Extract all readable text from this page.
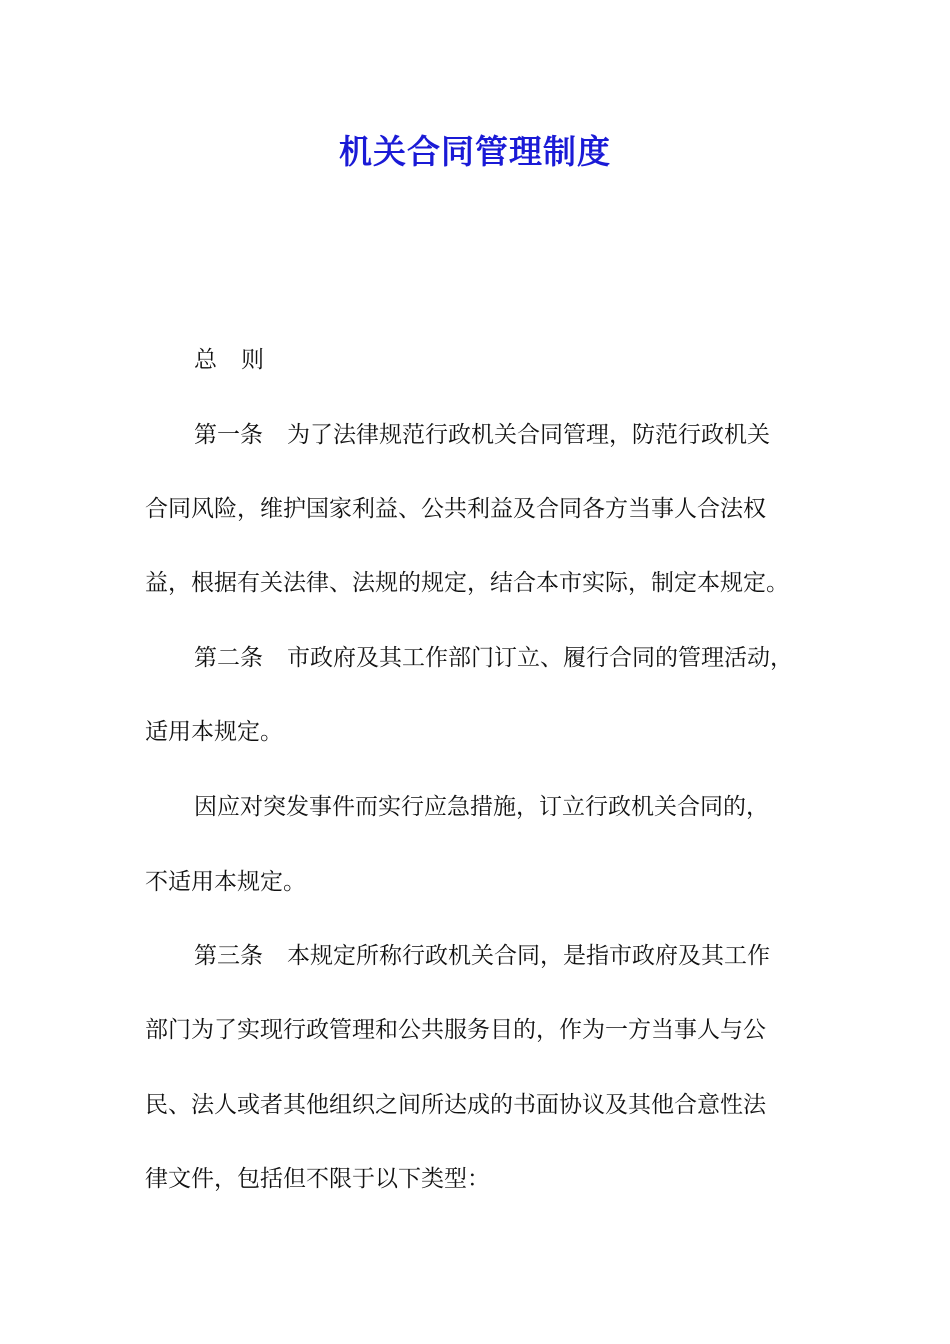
机关合同管理制度
总 则
第一条 为了法律规范行政机关合同管理，防范行政机关
合同风险，维护国家利益、公共利益及合同各方当事人合法权
益，根据有关法律、法规的规定，结合本市实际，制定本规定。
第二条 市政府及其工作部门订立、履行合同的管理活动，
适用本规定。
因应对突发事件而实行应急措施，订立行政机关合同的，
不适用本规定。
第三条 本规定所称行政机关合同，是指市政府及其工作
部门为了实现行政管理和公共服务目的，作为一方当事人与公
民、法人或者其他组织之间所达成的书面协议及其他合意性法
律文件，包括但不限于以下类型：
